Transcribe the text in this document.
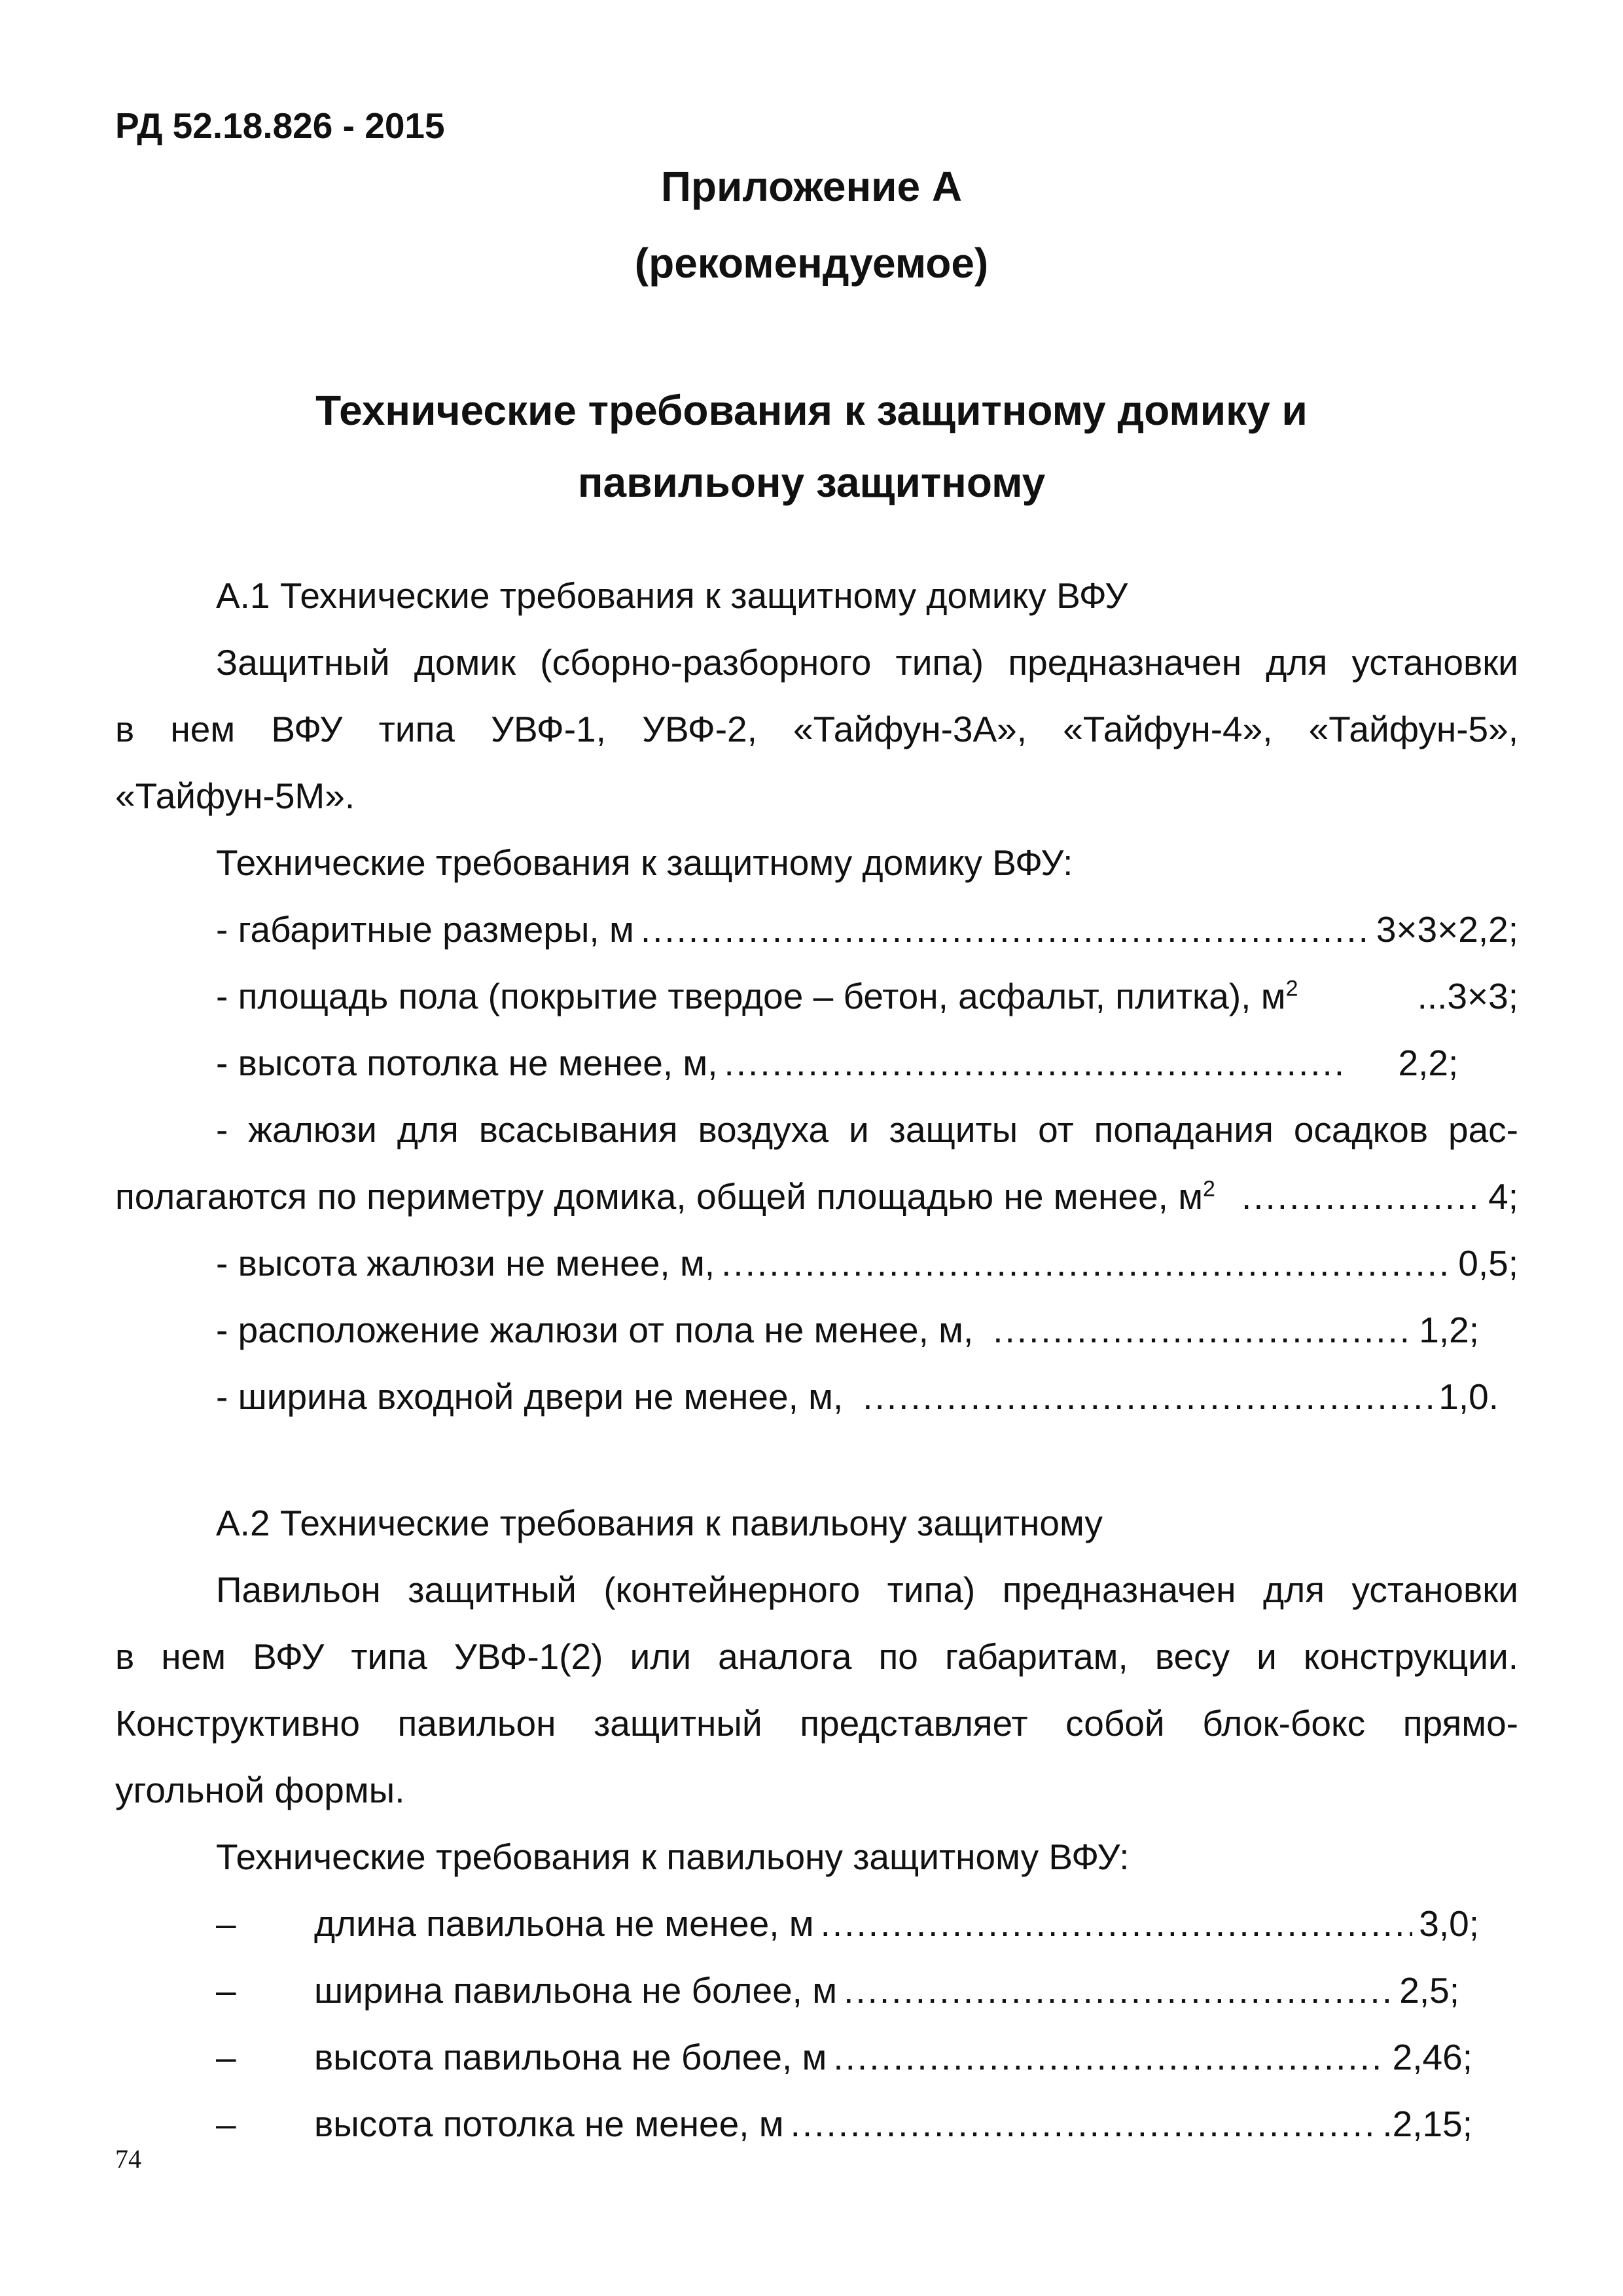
РД 52.18.826 - 2015
Приложение А
(рекомендуемое)
Технические требования к защитному домику и
павильону защитному
А.1 Технические требования к защитному домику ВФУ
Защитный домик (сборно-разборного типа) предназначен для установки
в нем ВФУ типа УВФ-1, УВФ-2, «Тайфун-3А», «Тайфун-4», «Тайфун-5»,
«Тайфун-5М».
Технические требования к защитному домику ВФУ:
- габаритные размеры, м .....	3×3×2,2;
- площадь пола (покрытие твердое – бетон, асфальт, плитка), $м^2$	...3×3;
- высота потолка не менее, м, .....	2,2;
- жалюзи для всасывания воздуха и защиты от попадания осадков рас-
полагаются по периметру домика, общей площадью не менее, $м^2$ .....	4;
- высота жалюзи не менее, м, .....	0,5;
- расположение жалюзи от пола не менее, м, .....	1,2;
- ширина входной двери не менее, м, .....	1,0.
А.2 Технические требования к павильону защитному
Павильон защитный (контейнерного типа) предназначен для установки
в нем ВФУ типа УВФ-1(2) или аналога по габаритам, весу и конструкции.
Конструктивно павильон защитный представляет собой блок-бокс прямо-
угольной формы.
Технические требования к павильону защитному ВФУ:
–	длина павильона не менее, м .....	3,0;
–	ширина павильона не более, м .....	2,5;
–	высота павильона не более, м .....	2,46;
–	высота потолка не менее, м .....	.2,15;
74
